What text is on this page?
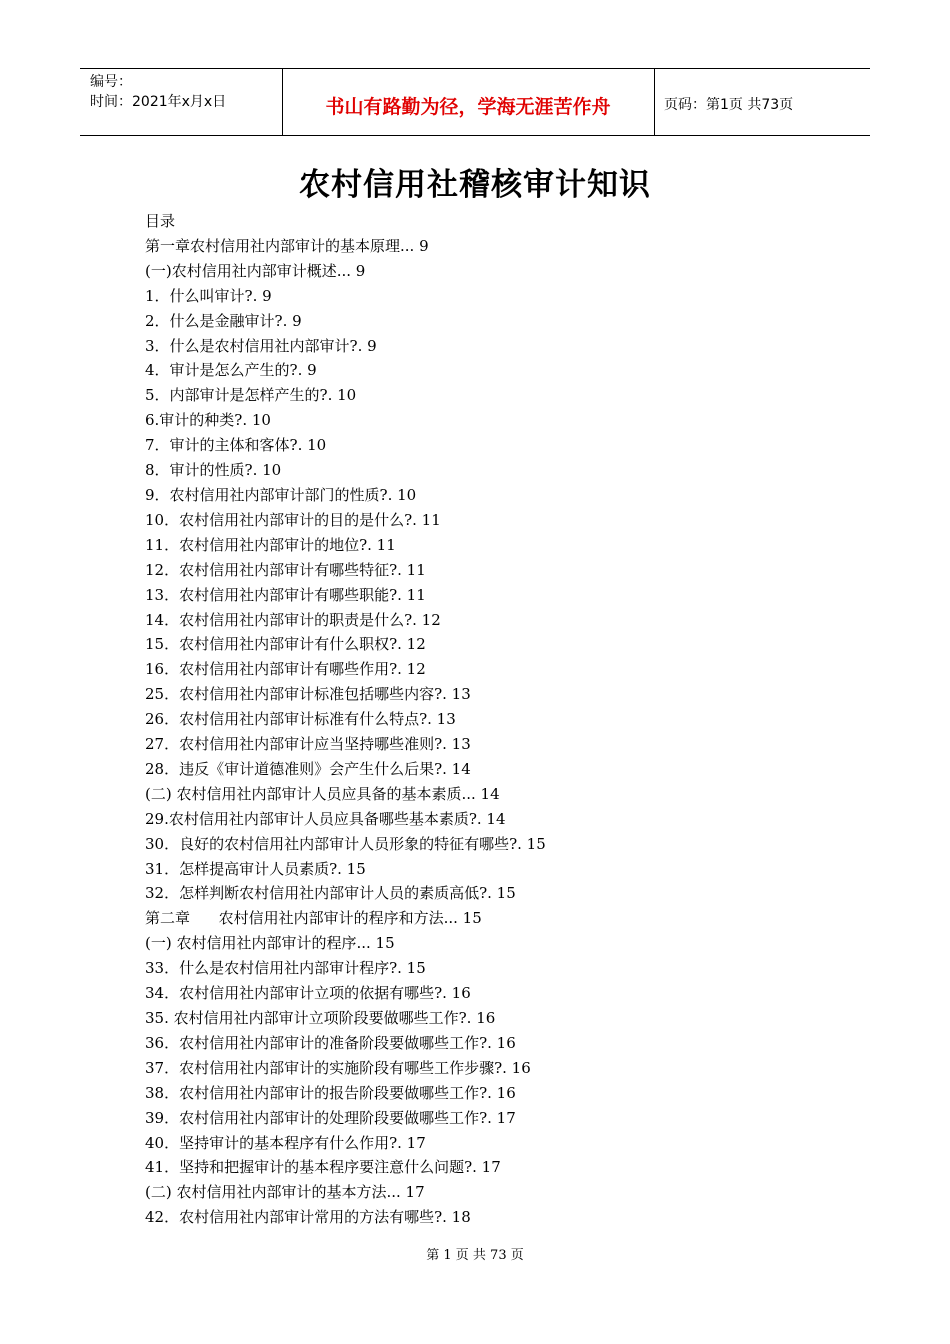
编号：
时间：2021年x月x日	书山有路勤为径，学海无涯苦作舟	页码：第1页 共73页
农村信用社稽核审计知识
目录
第一章农村信用社内部审计的基本原理... 9
(一)农村信用社内部审计概述... 9
1．什么叫审计?. 9
2．什么是金融审计?. 9
3．什么是农村信用社内部审计?. 9
4．审计是怎么产生的?. 9
5．内部审计是怎样产生的?. 10
6.审计的种类?. 10
7．审计的主体和客体?. 10
8．审计的性质?. 10
9．农村信用社内部审计部门的性质?. 10
10．农村信用社内部审计的目的是什么?. 11
11．农村信用社内部审计的地位?. 11
12．农村信用社内部审计有哪些特征?. 11
13．农村信用社内部审计有哪些职能?. 11
14．农村信用社内部审计的职责是什么?. 12
15．农村信用社内部审计有什么职权?. 12
16．农村信用社内部审计有哪些作用?. 12
25．农村信用社内部审计标准包括哪些内容?. 13
26．农村信用社内部审计标准有什么特点?. 13
27．农村信用社内部审计应当坚持哪些准则?. 13
28．违反《审计道德准则》会产生什么后果?. 14
(二) 农村信用社内部审计人员应具备的基本素质... 14
29.农村信用社内部审计人员应具备哪些基本素质?. 14
30．良好的农村信用社内部审计人员形象的特征有哪些?. 15
31．怎样提高审计人员素质?. 15
32．怎样判断农村信用社内部审计人员的素质高低?. 15
第二章      农村信用社内部审计的程序和方法... 15
(一) 农村信用社内部审计的程序... 15
33．什么是农村信用社内部审计程序?. 15
34．农村信用社内部审计立项的依据有哪些?. 16
35. 农村信用社内部审计立项阶段要做哪些工作?. 16
36．农村信用社内部审计的准备阶段要做哪些工作?. 16
37．农村信用社内部审计的实施阶段有哪些工作步骤?. 16
38．农村信用社内部审计的报告阶段要做哪些工作?. 16
39．农村信用社内部审计的处理阶段要做哪些工作?. 17
40．坚持审计的基本程序有什么作用?. 17
41．坚持和把握审计的基本程序要注意什么问题?. 17
(二) 农村信用社内部审计的基本方法... 17
42．农村信用社内部审计常用的方法有哪些?. 18
第 1 页 共 73 页
